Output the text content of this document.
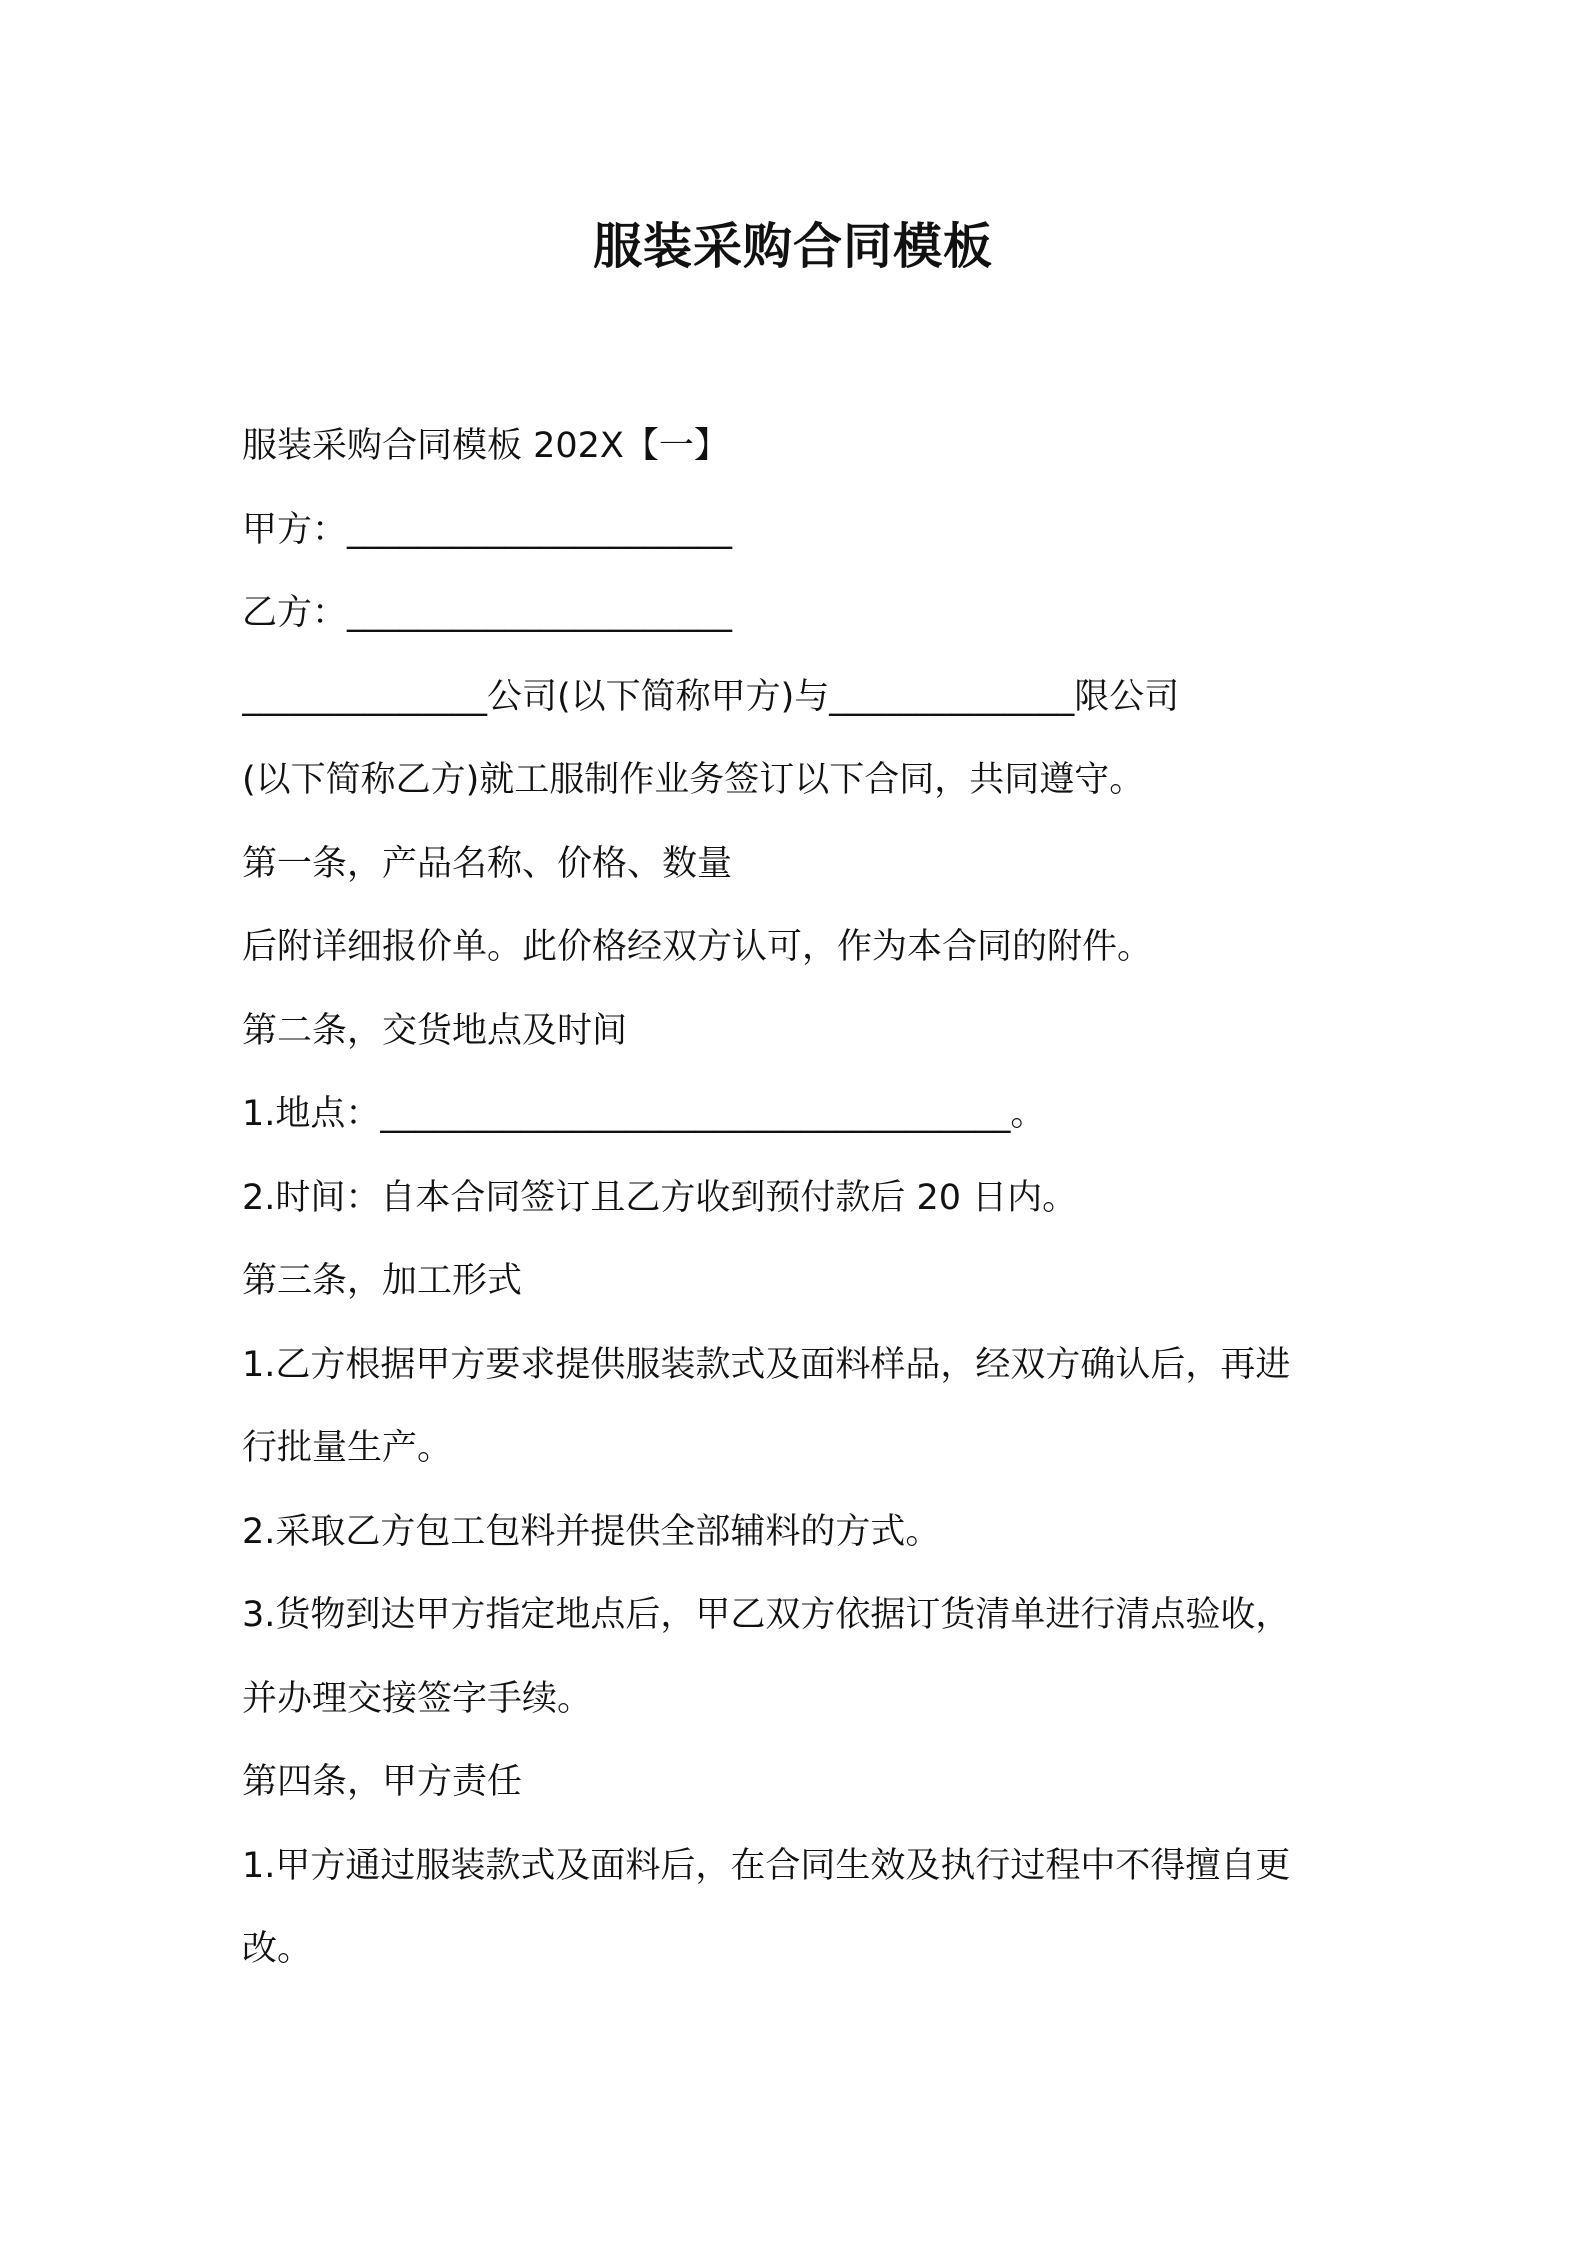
服装采购合同模板
服装采购合同模板 202X【一】
甲方：______________________
乙方：______________________
______________公司(以下简称甲方)与______________限公司
(以下简称乙方)就工服制作业务签订以下合同，共同遵守。
第一条，产品名称、价格、数量
后附详细报价单。此价格经双方认可，作为本合同的附件。
第二条，交货地点及时间
1.地点：____________________________________。
2.时间：自本合同签订且乙方收到预付款后 20 日内。
第三条，加工形式
1.乙方根据甲方要求提供服装款式及面料样品，经双方确认后，再进
行批量生产。
2.采取乙方包工包料并提供全部辅料的方式。
3.货物到达甲方指定地点后，甲乙双方依据订货清单进行清点验收，
并办理交接签字手续。
第四条，甲方责任
1.甲方通过服装款式及面料后，在合同生效及执行过程中不得擅自更
改。
